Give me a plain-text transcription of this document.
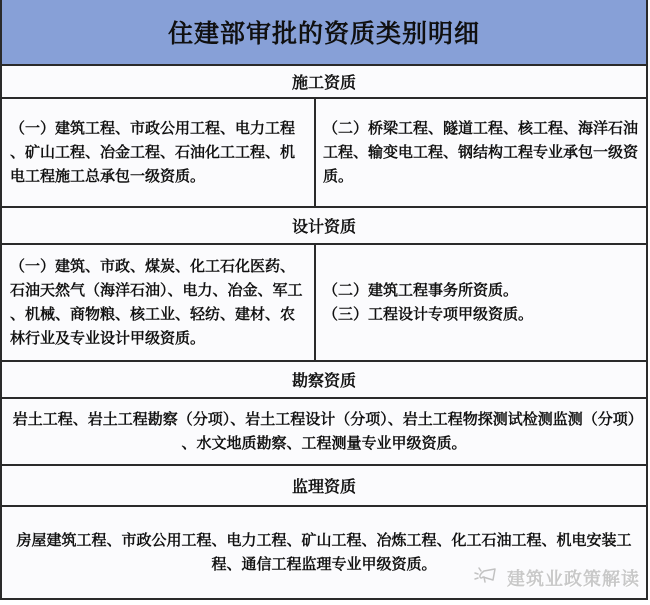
住建部审批的资质类别明细
施工资质
（一）建筑工程、市政公用工程、电力工程、矿山工程、冶金工程、石油化工工程、机电工程施工总承包一级资质。
（二）桥梁工程、隧道工程、核工程、海洋石油工程、输变电工程、钢结构工程专业承包一级资质。
设计资质
（一）建筑、市政、煤炭、化工石化医药、石油天然气（海洋石油）、电力、冶金、军工、机械、商物粮、核工业、轻纺、建材、农林行业及专业设计甲级资质。
（二）建筑工程事务所资质。
（三）工程设计专项甲级资质。
勘察资质
岩土工程、岩土工程勘察（分项）、岩土工程设计（分项）、岩土工程物探测试检测监测（分项）、水文地质勘察、工程测量专业甲级资质。
监理资质
房屋建筑工程、市政公用工程、电力工程、矿山工程、冶炼工程、化工石油工程、机电安装工程、通信工程监理专业甲级资质。
建筑业政策解读
